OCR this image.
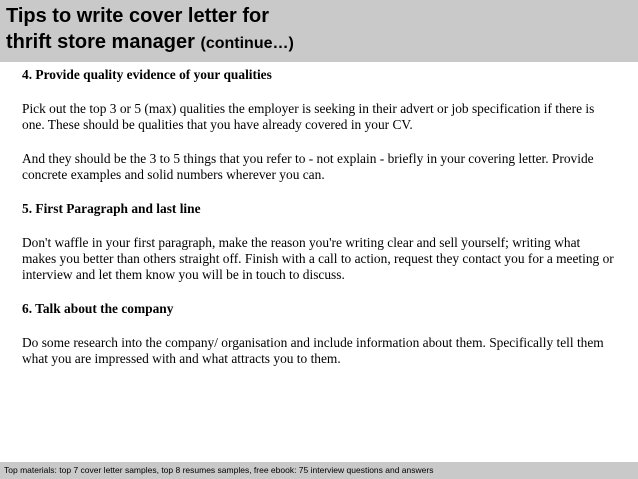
Tips to write cover letter for
thrift store manager (continue…)

4. Provide quality evidence of your qualities

Pick out the top 3 or 5 (max) qualities the employer is seeking in their advert or job specification if there is one. These should be qualities that you have already covered in your CV.

And they should be the 3 to 5 things that you refer to - not explain - briefly in your covering letter. Provide concrete examples and solid numbers wherever you can.

5. First Paragraph and last line

Don't waffle in your first paragraph, make the reason you're writing clear and sell yourself; writing what makes you better than others straight off. Finish with a call to action, request they contact you for a meeting or interview and let them know you will be in touch to discuss.

6. Talk about the company

Do some research into the company/ organisation and include information about them. Specifically tell them what you are impressed with and what attracts you to them.

Top materials: top 7 cover letter samples, top 8 resumes samples, free ebook: 75 interview questions and answers
